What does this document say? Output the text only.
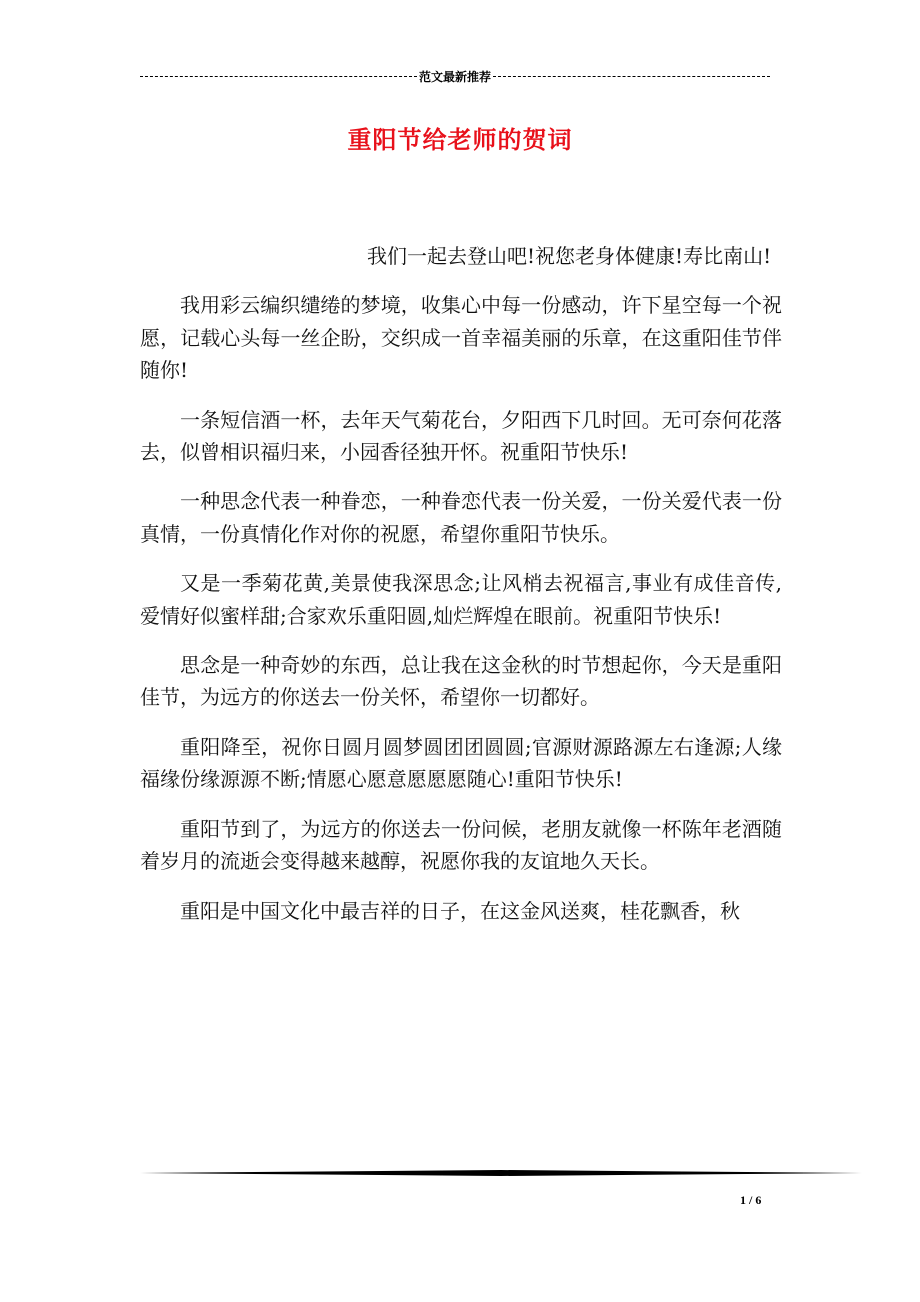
范文最新推荐
重阳节给老师的贺词

我们一起去登山吧!祝您老身体健康!寿比南山!

我用彩云编织缱绻的梦境，收集心中每一份感动，许下星空每一个祝愿，记载心头每一丝企盼，交织成一首幸福美丽的乐章，在这重阳佳节伴随你!

一条短信酒一杯，去年天气菊花台，夕阳西下几时回。无可奈何花落去，似曾相识福归来，小园香径独开怀。祝重阳节快乐!

一种思念代表一种眷恋，一种眷恋代表一份关爱，一份关爱代表一份真情，一份真情化作对你的祝愿，希望你重阳节快乐。

又是一季菊花黄,美景使我深思念;让风梢去祝福言,事业有成佳音传,爱情好似蜜样甜;合家欢乐重阳圆,灿烂辉煌在眼前。祝重阳节快乐!

思念是一种奇妙的东西，总让我在这金秋的时节想起你，今天是重阳佳节，为远方的你送去一份关怀，希望你一切都好。

重阳降至，祝你日圆月圆梦圆团团圆圆;官源财源路源左右逢源;人缘福缘份缘源源不断;情愿心愿意愿愿愿随心!重阳节快乐!

重阳节到了，为远方的你送去一份问候，老朋友就像一杯陈年老酒随着岁月的流逝会变得越来越醇，祝愿你我的友谊地久天长。

重阳是中国文化中最吉祥的日子，在这金风送爽，桂花飘香，秋

1 / 6
